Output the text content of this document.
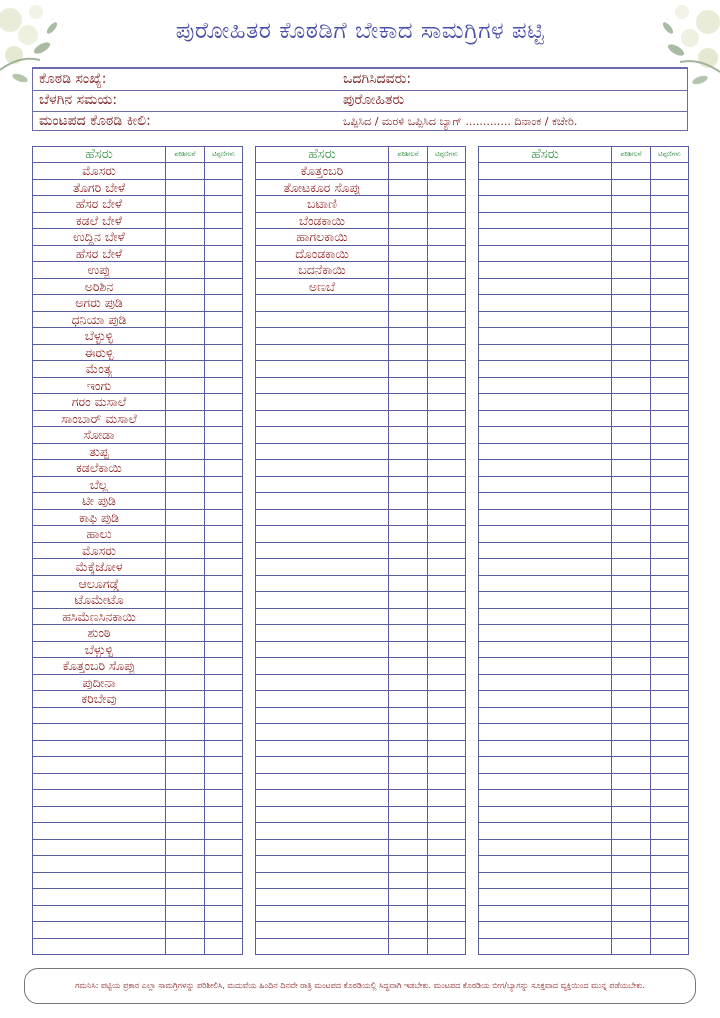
ಪುರೋಹಿತರ ಕೊಠಡಿಗೆ ಬೇಕಾದ ಸಾಮಗ್ರಿಗಳ ಪಟ್ಟಿ
ಕೊಠಡಿ ಸಂಖ್ಯೆ:	ಒದಗಿಸಿದವರು:
ಬೆಳಗಿನ ಸಮಯ:	ಪುರೋಹಿತರು
ಮಂಟಪದ ಕೊಠಡಿ ಕೀಲಿ:	ಒಪ್ಪಿಸಿದ / ಮರಳಿ ಒಪ್ಪಿಸಿದ ಬ್ಯಾಗ್ ............. ದಿನಾಂಕ / ಕಚೇರಿ.
ಹೆಸರು	ಪರಿಶೀಲನೆ	ಟಿಪ್ಪಣಿಗಳು
ಮೊಸರು		
ತೊಗರಿ ಬೇಳೆ		
ಹೆಸರ ಬೇಳೆ		
ಕಡಲೆ ಬೇಳೆ		
ಉದ್ದಿನ ಬೇಳೆ		
ಹೆಸರ ಬೇಳೆ		
ಉಪ್ಪು		
ಅರಿಶಿನ		
ಅಗರು ಪುಡಿ		
ಧನಿಯಾ ಪುಡಿ		
ಬೆಳ್ಳುಳ್ಳಿ		
ಈರುಳ್ಳಿ		
ಮೆಂತ್ಯ		
ಇಂಗು		
ಗರಂ ಮಸಾಲೆ		
ಸಾಂಬಾರ್ ಮಸಾಲೆ		
ಸೋಡಾ		
ತುಪ್ಪ		
ಕಡಲೆಕಾಯಿ		
ಬೆಲ್ಲ		
ಟೀ ಪುಡಿ		
ಕಾಫಿ ಪುಡಿ		
ಹಾಲು		
ಮೊಸರು		
ಮೆಕ್ಕೆಜೋಳ		
ಆಲೂಗಡ್ಡೆ		
ಟೊಮೇಟೊ		
ಹಸಿಮೆಣಸಿನಕಾಯಿ		
ಶುಂಠಿ		
ಬೆಳ್ಳುಳ್ಳಿ		
ಕೊತ್ತಂಬರಿ ಸೊಪ್ಪು		
ಪುದೀನಾ		
ಕರಿಬೇವು		

ಹೆಸರು	ಪರಿಶೀಲನೆ	ಟಿಪ್ಪಣಿಗಳು
ಕೊತ್ತಂಬರಿ		
ತೋಟಕೂರ ಸೊಪ್ಪು		
ಬಟಾಣಿ		
ಬೆಂಡಕಾಯಿ		
ಹಾಗಲಕಾಯಿ		
ದೊಂಡಕಾಯಿ		
ಬದನೆಕಾಯಿ		
ಅಣಬೆ		

ಹೆಸರು	ಪರಿಶೀಲನೆ	ಟಿಪ್ಪಣಿಗಳು

ಗಮನಿಸಿ: ಪಟ್ಟಿಯ ಪ್ರಕಾರ ಎಲ್ಲಾ ಸಾಮಗ್ರಿಗಳನ್ನು ಪರಿಶೀಲಿಸಿ, ಮದುವೆಯ ಹಿಂದಿನ ದಿನವೇ ರಾತ್ರಿ ಮಂಟಪದ ಕೊಠಡಿಯಲ್ಲಿ ಸಿದ್ಧವಾಗಿ ಇಡಬೇಕು. ಮಂಟಪದ ಕೊಠಡಿಯ ಬೀಗ/ಬ್ಯಾಗನ್ನು ಸೂಕ್ತವಾದ ವ್ಯಕ್ತಿಯಿಂದ ಮುನ್ನ ಪಡೆಯಬೇಕು.
